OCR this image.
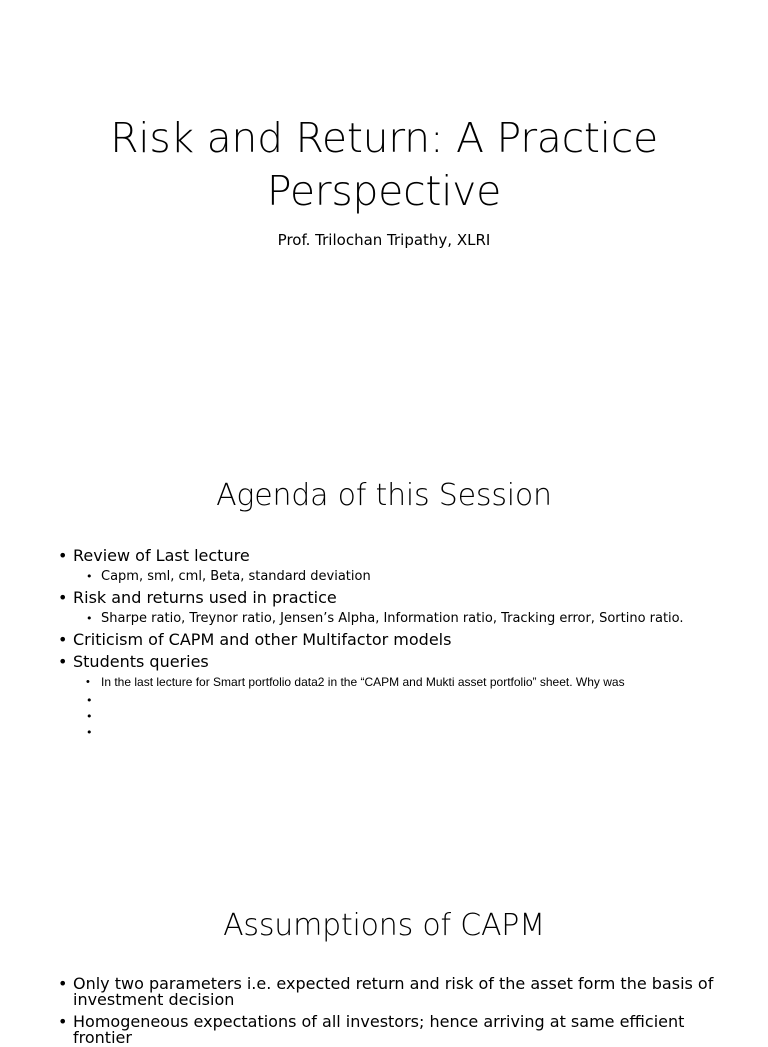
Risk and Return: A Practice
Perspective
Prof. Trilochan Tripathy, XLRI
Agenda of this Session
• Review of Last lecture
• Capm, sml, cml, Beta, standard deviation
• Risk and returns used in practice
• Sharpe ratio, Treynor ratio, Jensen’s Alpha, Information ratio, Tracking error, Sortino ratio.
• Criticism of CAPM and other Multifactor models
• Students queries
• In the last lecture for Smart portfolio data2 in the “CAPM and Mukti asset portfolio” sheet. Why was
•
•
•
Assumptions of CAPM
• Only two parameters i.e. expected return and risk of the asset form the basis of investment decision
• Homogeneous expectations of all investors; hence arriving at same efficient frontier
